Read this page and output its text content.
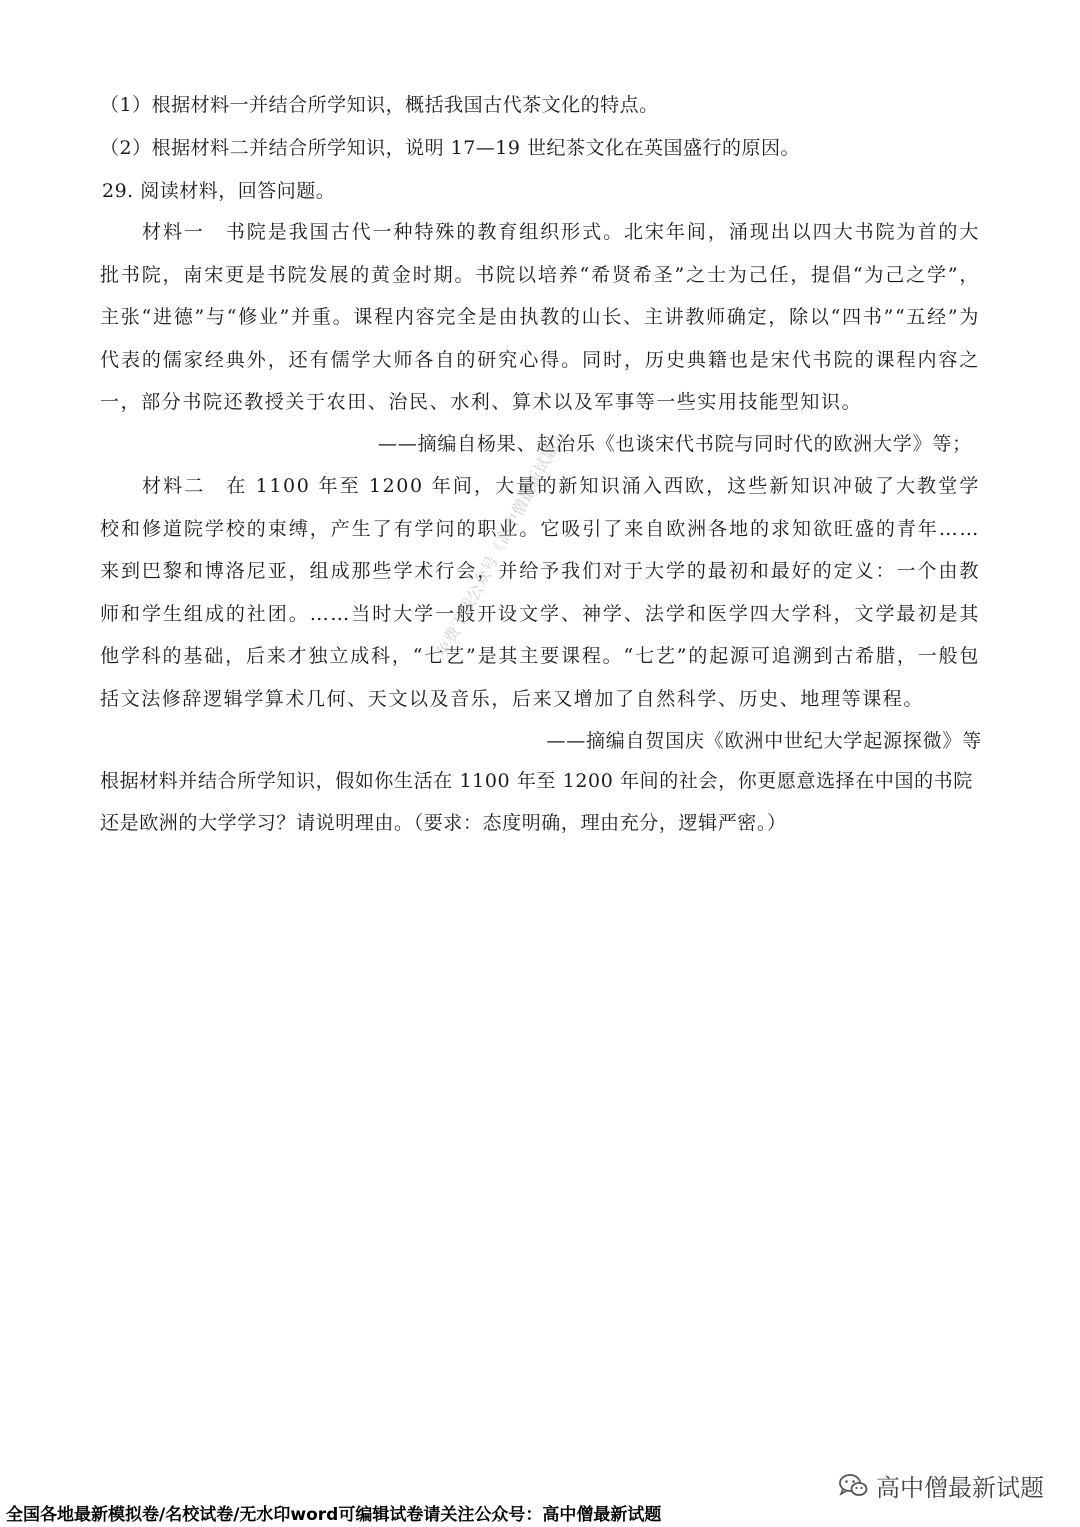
（1）根据材料一并结合所学知识，概括我国古代茶文化的特点。
（2）根据材料二并结合所学知识，说明 17—19 世纪茶文化在英国盛行的原因。
29. 阅读材料，回答问题。
材料一　书院是我国古代一种特殊的教育组织形式。北宋年间，涌现出以四大书院为首的大批书院，南宋更是书院发展的黄金时期。书院以培养“希贤希圣”之士为己任，提倡“为己之学”，主张“进德”与“修业”并重。课程内容完全是由执教的山长、主讲教师确定，除以“四书”“五经”为代表的儒家经典外，还有儒学大师各自的研究心得。同时，历史典籍也是宋代书院的课程内容之一，部分书院还教授关于农田、治民、水利、算术以及军事等一些实用技能型知识。
——摘编自杨果、赵治乐《也谈宋代书院与同时代的欧洲大学》等；
材料二　在 1100 年至 1200 年间，大量的新知识涌入西欧，这些新知识冲破了大教堂学校和修道院学校的束缚，产生了有学问的职业。它吸引了来自欧洲各地的求知欲旺盛的青年……来到巴黎和博洛尼亚，组成那些学术行会，并给予我们对于大学的最初和最好的定义：一个由教师和学生组成的社团。……当时大学一般开设文学、神学、法学和医学四大学科，文学最初是其他学科的基础，后来才独立成科，“七艺”是其主要课程。“七艺”的起源可追溯到古希腊，一般包括文法修辞逻辑学算术几何、天文以及音乐，后来又增加了自然科学、历史、地理等课程。
——摘编自贺国庆《欧洲中世纪大学起源探微》等
根据材料并结合所学知识，假如你生活在 1100 年至 1200 年间的社会，你更愿意选择在中国的书院还是欧洲的大学学习？请说明理由。（要求：态度明确，理由充分，逻辑严密。）
免费下载公众号《高中僧最新试题》
高中僧最新试题
全国各地最新模拟卷/名校试卷/无水印word可编辑试卷请关注公众号：高中僧最新试题
